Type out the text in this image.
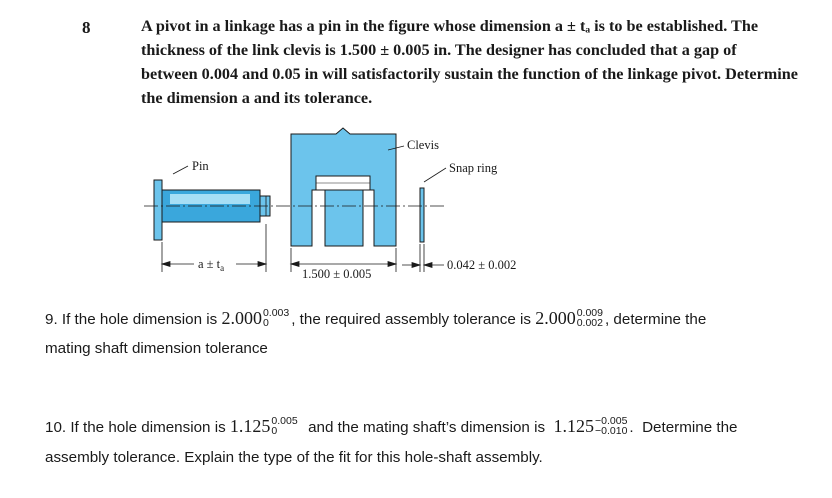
8	A pivot in a linkage has a pin in the figure whose dimension a ± tₐ is to be established. The
thickness of the link clevis is 1.500 ± 0.005 in. The designer has concluded that a gap of
between 0.004 and 0.05 in will satisfactorily sustain the function of the linkage pivot. Determine
the dimension a and its tolerance.

Pin
Clevis
Snap ring
$a \pm t_a$	1.500 ± 0.005
0.042 ± 0.002

9. If the hole dimension is 2.000 0.003
0	, the required assembly tolerance is 2.000 0.009
0.002 , determine the

mating shaft dimension tolerance

10. If the hole dimension is 1.125 0.005
0	and the mating shaft’s dimension is  1.125 −0.005
−0.010 .  Determine the

assembly tolerance. Explain the type of the fit for this hole-shaft assembly.
